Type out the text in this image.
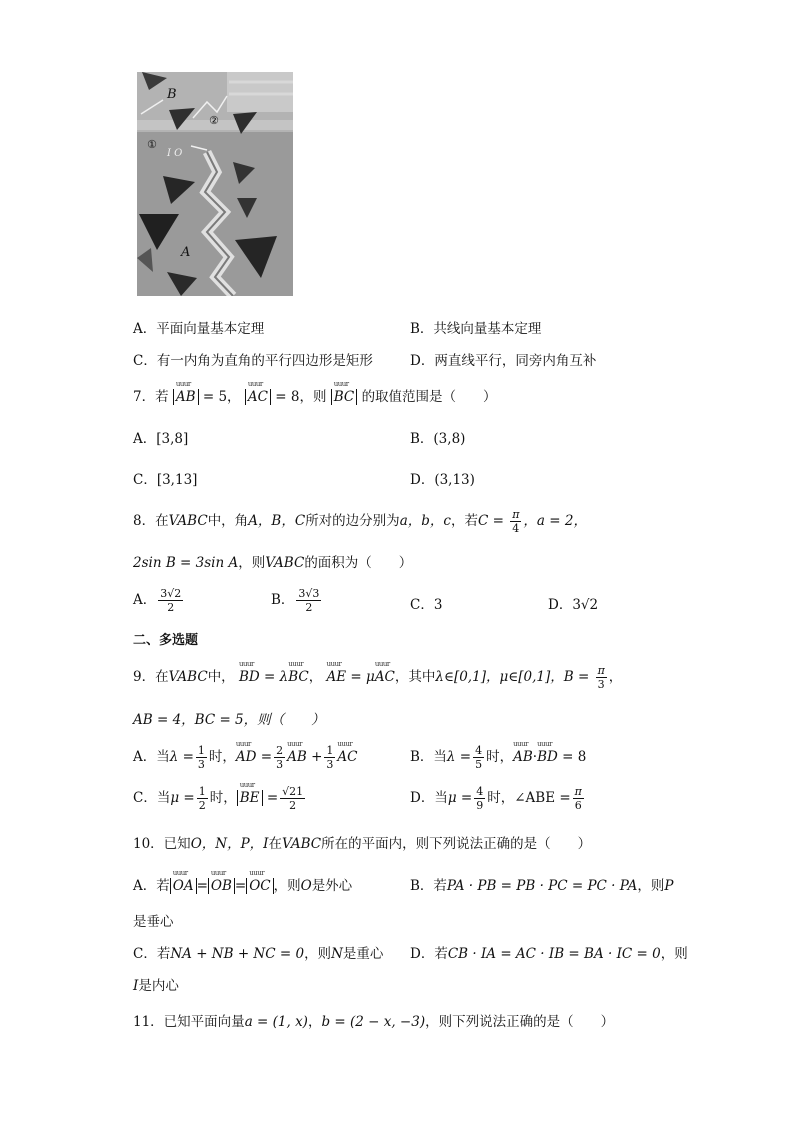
B
A
①
②
I O
A．平面向量基本定理	B．共线向量基本定理
C．有一内角为直角的平行四边形是矩形	D．两直线平行，同旁内角互补
7．若 uuur AB = 5， uuur AC = 8，则 uuur BC 的取值范围是（　　）
A．[3,8]	B．(3,8)
C．[3,13]	D．(3,13)
8．在VABC中，角A，B，C所对的边分别为a，b，c，若$C = \frac{\pi}{4}$ ，a = 2，
2sin B = 3sin A，则VABC的面积为（　　）
A． $\frac{3√2}{2}$	B． $\frac{3√3}{2}$	C．3	D．3√2
二、多选题
9．在VABC中， uuur BD = λuuur BC， uuur AE = μuuur AC，其中λ∈[0,1]，μ∈[0,1]，$B = \frac{\pi}{3}$ ，
AB = 4，BC = 5，则（　　）
A．当$\lambda = \frac{1}{3}$ 时，uuur AD = $\frac{2}{3}$ uuur AB + $\frac{1}{3}$ uuur AC	B．当$\lambda = \frac{4}{5}$ 时，uuur AB·uuur BD = 8
C．当$\mu = \frac{1}{2}$ 时， uuur BE = $\frac{√21}{2}$	D．当$\mu = \frac{4}{9}$ 时，∠ABE = $\frac{\pi}{6}$
10．已知O，N，P，I在VABC所在的平面内，则下列说法正确的是（　　）
A．若 uuur OA = uuur OB = uuur OC ，则O是外心	B．若PA · PB = PB · PC = PC · PA，则P
是垂心
C．若NA + NB + NC = 0，则N是重心 D．若CB · IA = AC · IB = BA · IC = 0，则
I是内心
11．已知平面向量a = (1, x)，b = (2 − x, −3)，则下列说法正确的是（　　）
